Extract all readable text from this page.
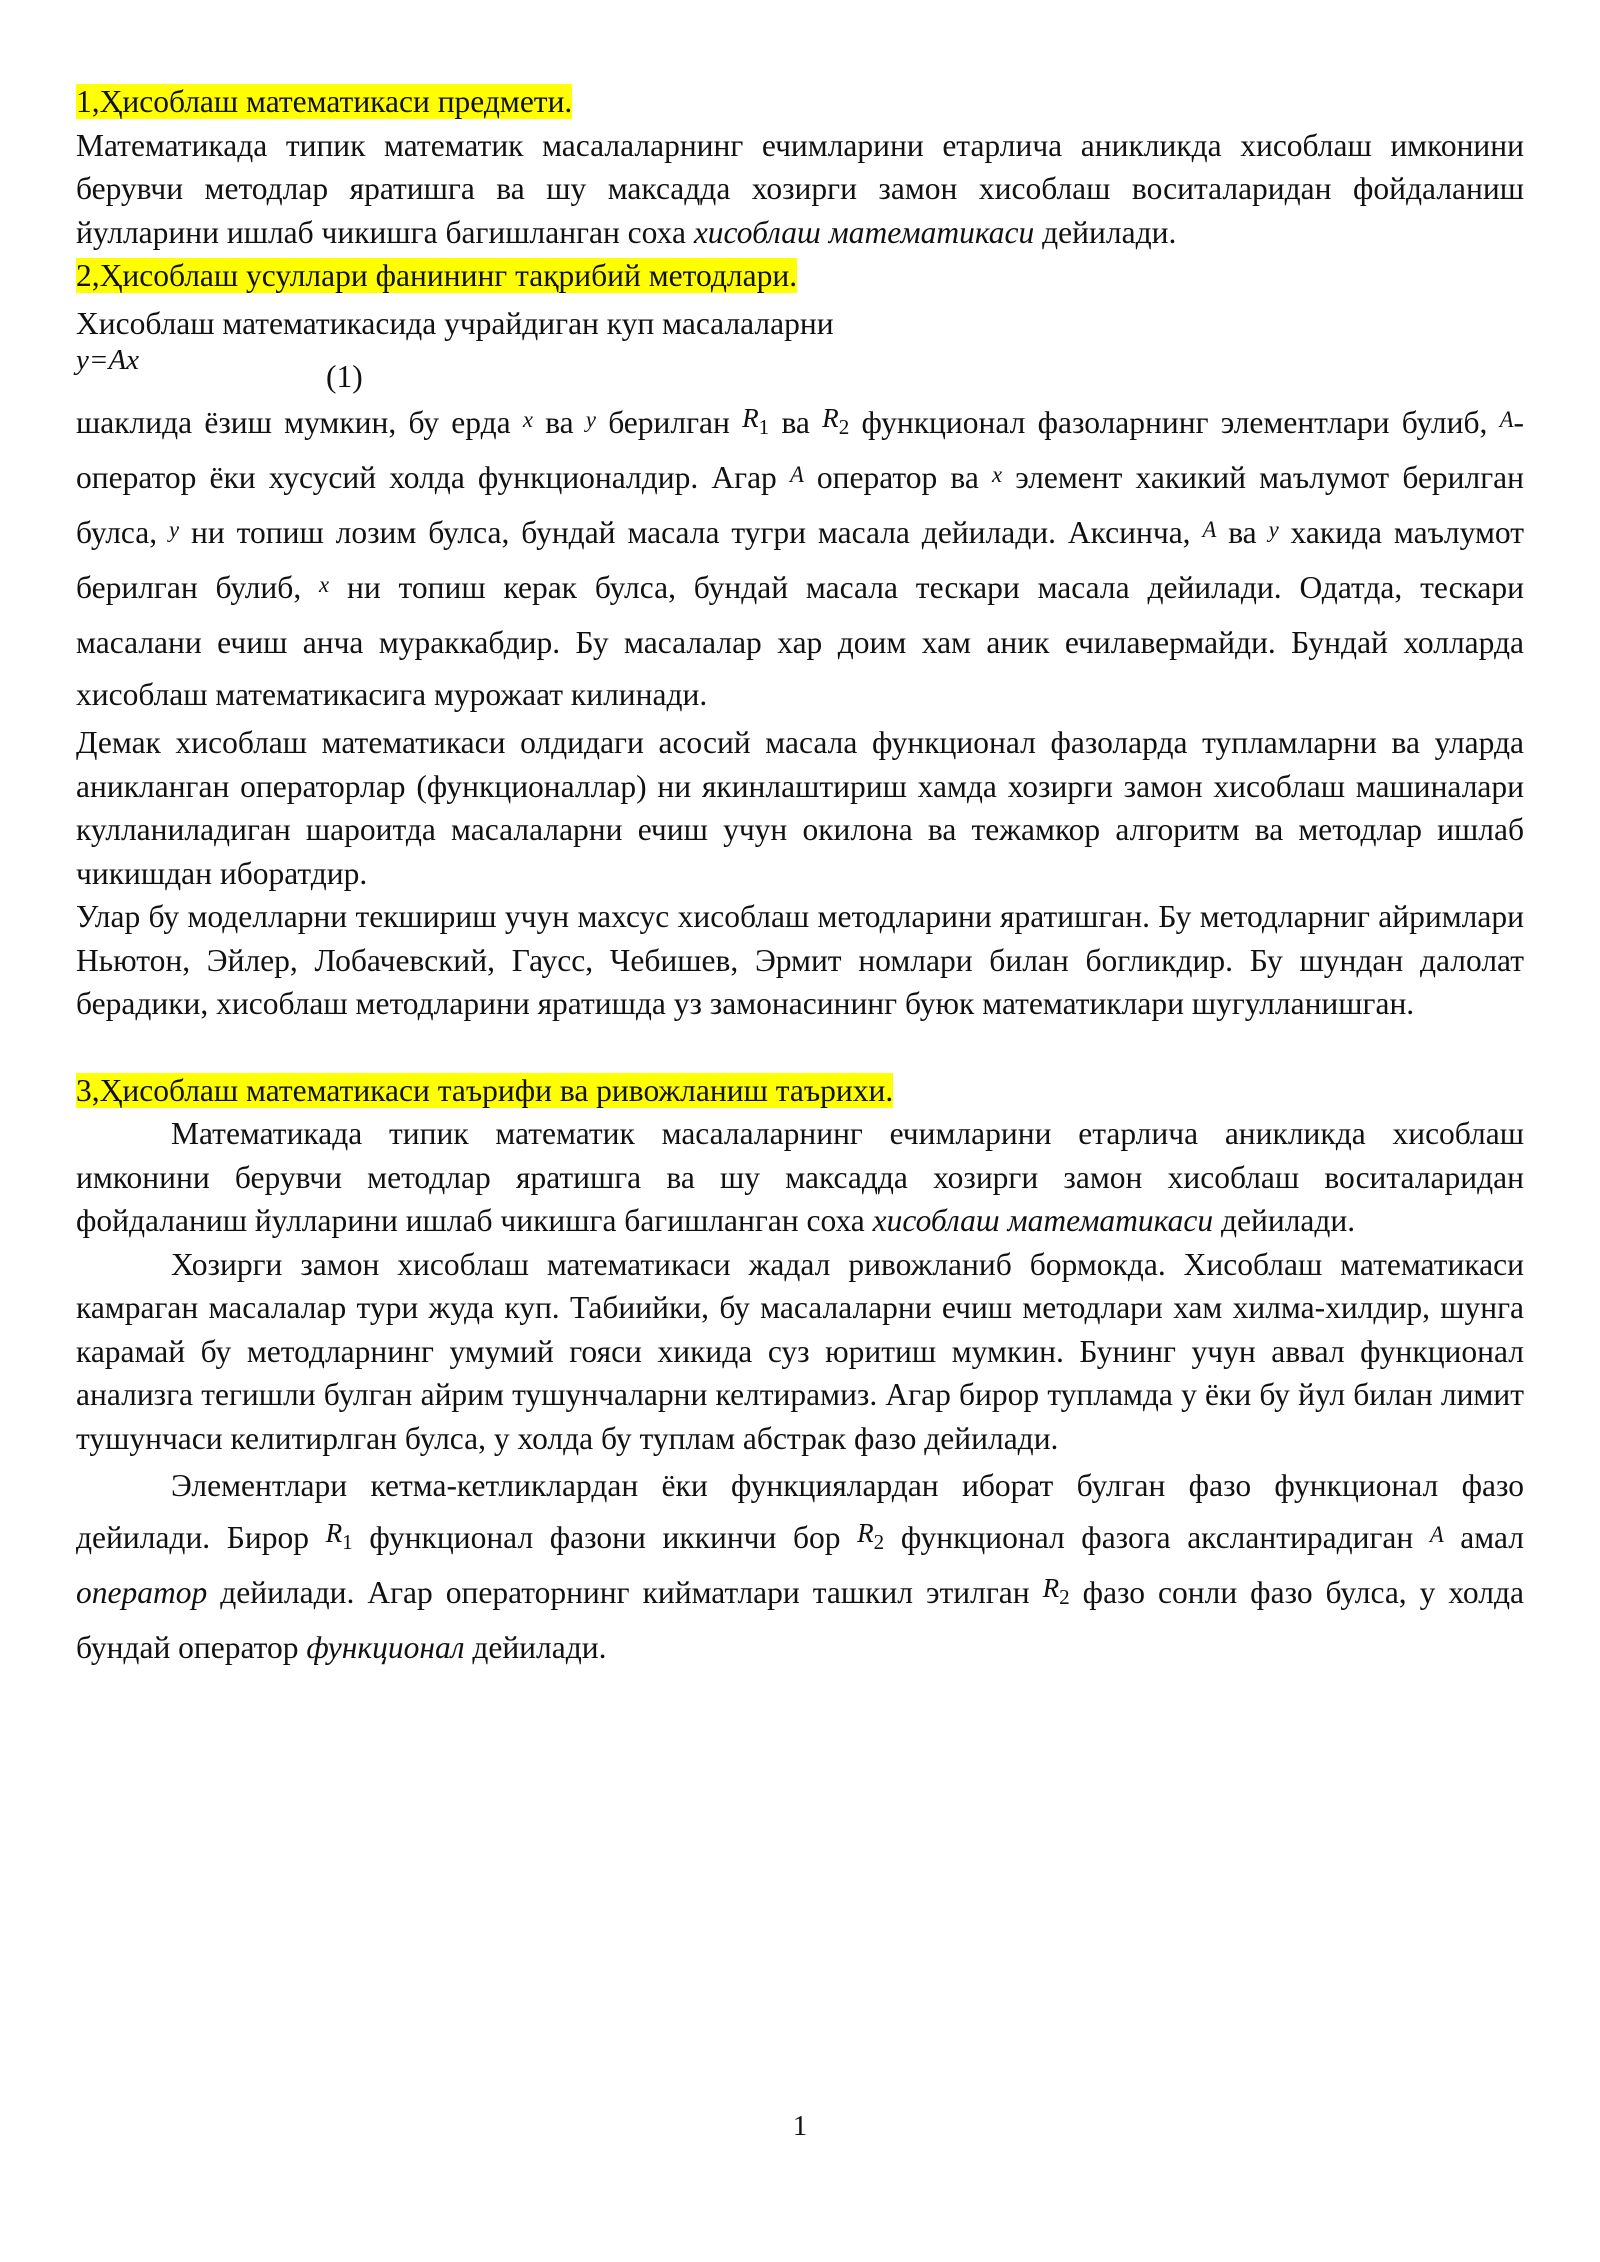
1,Ҳисоблаш математикаси предмети.

Математикада типик математик масалаларнинг ечимларини етарлича аникликда хисоблаш имконини берувчи методлар яратишга ва шу максадда хозирги замон хисоблаш воситаларидан фойдаланиш йулларини ишлаб чикишга багишланган соха хисоблаш математикаси дейилади.

2,Ҳисоблаш усуллари фанининг тақрибий методлари.

Хисоблаш математикасида учрайдиган куп масалаларни

y=Ax	(1)

шаклида ёзиш мумкин, бу ерда x ва y берилган $R_1$ ва $R_2$ функционал фазоларнинг элементлари булиб, A-оператор ёки хусусий холда функционалдир. Агар A оператор ва x элемент хакикий маълумот берилган булса, y ни топиш лозим булса, бундай масала тугри масала дейилади. Аксинча, A ва y хакида маълумот берилган булиб, x ни топиш керак булса, бундай масала тескари масала дейилади. Одатда, тескари масалани ечиш анча мураккабдир. Бу масалалар хар доим хам аник ечилавермайди. Бундай холларда хисоблаш математикасига мурожаат килинади.

Демак хисоблаш математикаси олдидаги асосий масала функционал фазоларда тупламларни ва уларда аникланган операторлар (функционаллар) ни якинлаштириш хамда хозирги замон хисоблаш машиналари кулланиладиган шароитда масалаларни ечиш учун окилона ва тежамкор алгоритм ва методлар ишлаб чикишдан иборатдир.

Улар бу моделларни текшириш учун махсус хисоблаш методларини яратишган. Бу методларниг айримлари Ньютон, Эйлер, Лобачевский, Гаусс, Чебишев, Эрмит номлари билан богликдир. Бу шундан далолат берадики, хисоблаш методларини яратишда уз замонасининг буюк математиклари шугулланишган.

3,Ҳисоблаш математикаси таърифи ва ривожланиш таърихи.

Математикада типик математик масалаларнинг ечимларини етарлича аникликда хисоблаш имконини берувчи методлар яратишга ва шу максадда хозирги замон хисоблаш воситаларидан фойдаланиш йулларини ишлаб чикишга багишланган соха хисоблаш математикаси дейилади.

Хозирги замон хисоблаш математикаси жадал ривожланиб бормокда. Хисоблаш математикаси камраган масалалар тури жуда куп. Табиийки, бу масалаларни ечиш методлари хам хилма-хилдир, шунга карамай бу методларнинг умумий гояси хикида суз юритиш мумкин. Бунинг учун аввал функционал анализга тегишли булган айрим тушунчаларни келтирамиз. Агар бирор тупламда у ёки бу йул билан лимит тушунчаси келитирлган булса, у холда бу туплам абстрак фазо дейилади.

Элементлари кетма-кетликлардан ёки функциялардан иборат булган фазо функционал фазо дейилади. Бирор $R_1$ функционал фазони иккинчи бор $R_2$ функционал фазога акслантирадиган A амал оператор дейилади. Агар операторнинг кийматлари ташкил этилган $R_2$ фазо сонли фазо булса, у холда бундай оператор функционал дейилади.

1
